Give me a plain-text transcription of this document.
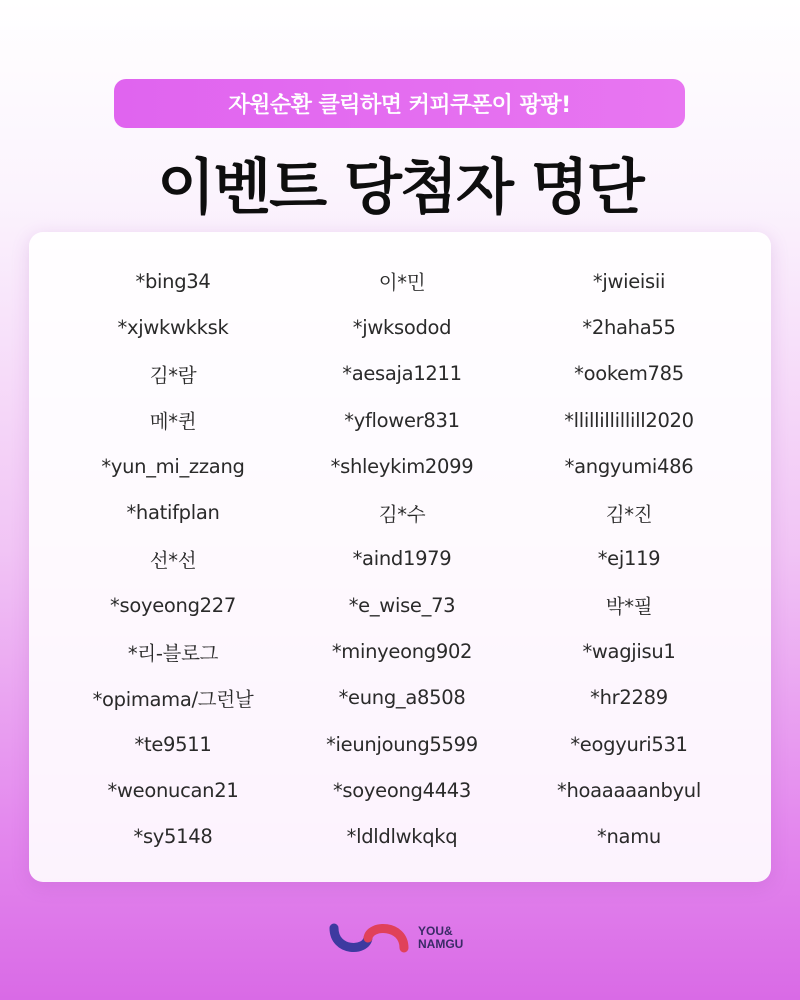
자원순환 클릭하면 커피쿠폰이 팡팡!
이벤트 당첨자 명단
*bing34	이*민	*jwieisii
*xjwkwkksk	*jwksodod	*2haha55
김*람	*aesaja1211	*ookem785
메*퀸	*yflower831	*llillillillill2020
*yun_mi_zzang	*shleykim2099	*angyumi486
*hatifplan	김*수	김*진
선*선	*aind1979	*ej119
*soyeong227	*e_wise_73	박*필
*리-블로그	*minyeong902	*wagjisu1
*opimama/그런날	*eung_a8508	*hr2289
*te9511	*ieunjoung5599	*eogyuri531
*weonucan21	*soyeong4443	*hoaaaaanbyul
*sy5148	*ldldlwkqkq	*namu
YOU&
NAMGU
